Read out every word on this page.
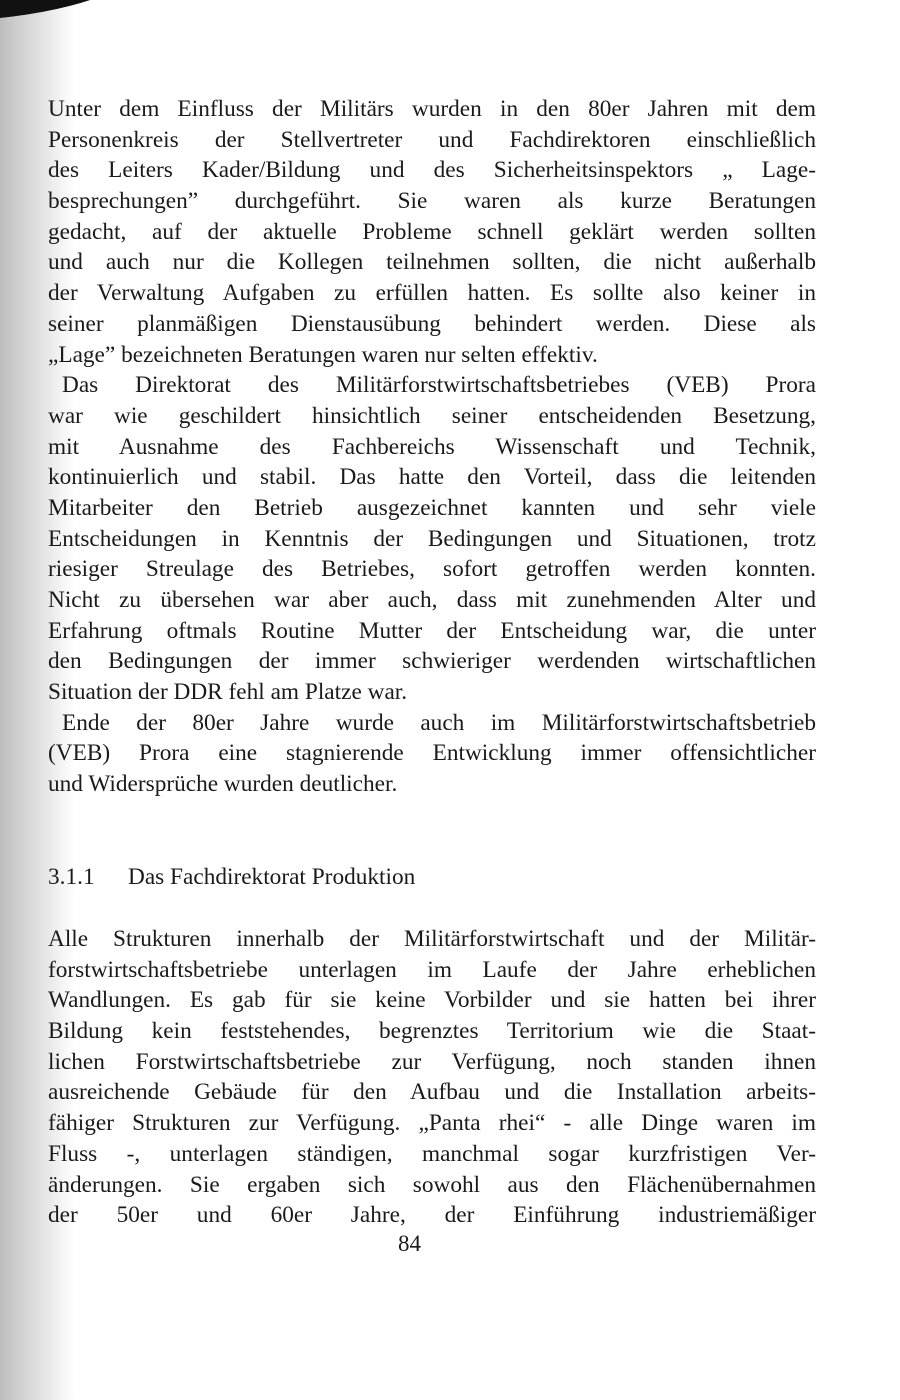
Unter dem Einfluss der Militärs wurden in den 80er Jahren mit dem
Personenkreis der Stellvertreter und Fachdirektoren einschließlich
des Leiters Kader/Bildung und des Sicherheitsinspektors „ Lage-
besprechungen” durchgeführt. Sie waren als kurze Beratungen
gedacht, auf der aktuelle Probleme schnell geklärt werden sollten
und auch nur die Kollegen teilnehmen sollten, die nicht außerhalb
der Verwaltung Aufgaben zu erfüllen hatten. Es sollte also keiner in
seiner planmäßigen Dienstausübung behindert werden. Diese als
„Lage” bezeichneten Beratungen waren nur selten effektiv.
Das Direktorat des Militärforstwirtschaftsbetriebes (VEB) Prora
war wie geschildert hinsichtlich seiner entscheidenden Besetzung,
mit Ausnahme des Fachbereichs Wissenschaft und Technik,
kontinuierlich und stabil. Das hatte den Vorteil, dass die leitenden
Mitarbeiter den Betrieb ausgezeichnet kannten und sehr viele
Entscheidungen in Kenntnis der Bedingungen und Situationen, trotz
riesiger Streulage des Betriebes, sofort getroffen werden konnten.
Nicht zu übersehen war aber auch, dass mit zunehmenden Alter und
Erfahrung oftmals Routine Mutter der Entscheidung war, die unter
den Bedingungen der immer schwieriger werdenden wirtschaftlichen
Situation der DDR fehl am Platze war.
Ende der 80er Jahre wurde auch im Militärforstwirtschaftsbetrieb
(VEB) Prora eine stagnierende Entwicklung immer offensichtlicher
und Widersprüche wurden deutlicher.
3.1.1 Das Fachdirektorat Produktion
Alle Strukturen innerhalb der Militärforstwirtschaft und der Militär-
forstwirtschaftsbetriebe unterlagen im Laufe der Jahre erheblichen
Wandlungen. Es gab für sie keine Vorbilder und sie hatten bei ihrer
Bildung kein feststehendes, begrenztes Territorium wie die Staat-
lichen Forstwirtschaftsbetriebe zur Verfügung, noch standen ihnen
ausreichende Gebäude für den Aufbau und die Installation arbeits-
fähiger Strukturen zur Verfügung. „Panta rhei“ - alle Dinge waren im
Fluss -, unterlagen ständigen, manchmal sogar kurzfristigen Ver-
änderungen. Sie ergaben sich sowohl aus den Flächenübernahmen
der 50er und 60er Jahre, der Einführung industriemäßiger
84
